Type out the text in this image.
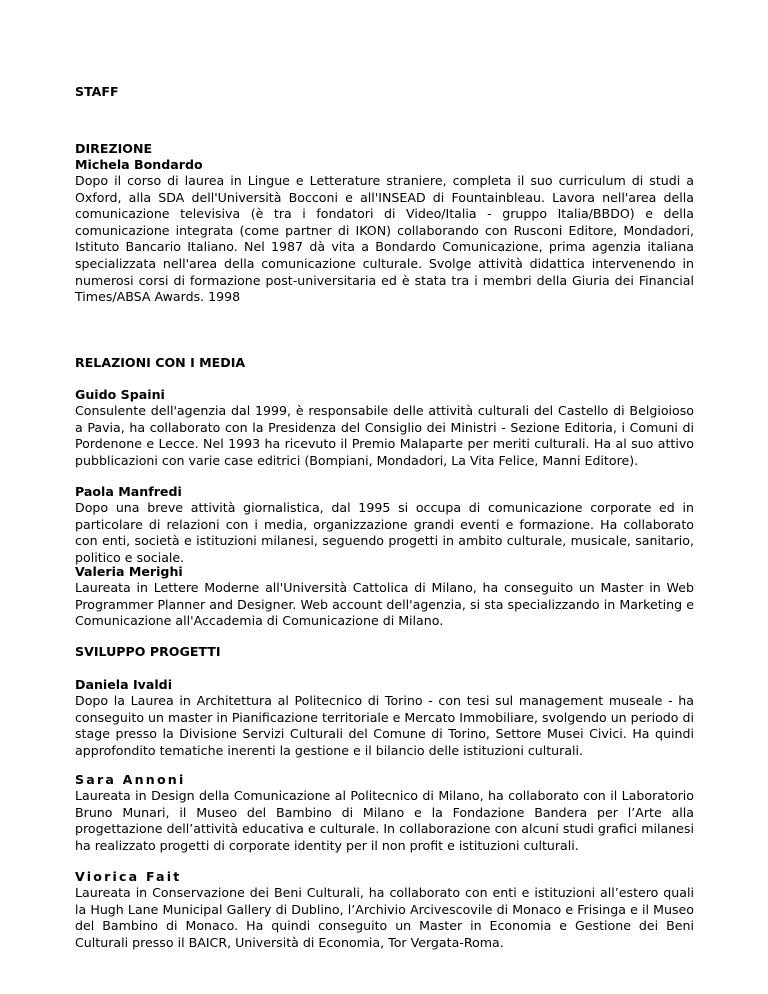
STAFF

DIREZIONE

Michela Bondardo

Dopo il corso di laurea in Lingue e Letterature straniere, completa il suo curriculum di studi a Oxford, alla SDA dell'Università Bocconi e all'INSEAD di Fountainbleau. Lavora nell'area della comunicazione televisiva (è tra i fondatori di Video/Italia - gruppo Italia/BBDO) e della comunicazione integrata (come partner di IKON) collaborando con Rusconi Editore, Mondadori, Istituto Bancario Italiano. Nel 1987 dà vita a Bondardo Comunicazione, prima agenzia italiana specializzata nell'area della comunicazione culturale. Svolge attività didattica intervenendo in numerosi corsi di formazione post-universitaria ed è stata tra i membri della Giuria dei Financial Times/ABSA Awards. 1998

RELAZIONI CON I MEDIA

Guido Spaini

Consulente dell'agenzia dal 1999, è responsabile delle attività culturali del Castello di Belgioioso a Pavia, ha collaborato con la Presidenza del Consiglio dei Ministri - Sezione Editoria, i Comuni di Pordenone e Lecce. Nel 1993 ha ricevuto il Premio Malaparte per meriti culturali. Ha al suo attivo pubblicazioni con varie case editrici (Bompiani, Mondadori, La Vita Felice, Manni Editore).

Paola Manfredi

Dopo una breve attività giornalistica, dal 1995 si occupa di comunicazione corporate ed in particolare di relazioni con i media, organizzazione grandi eventi e formazione. Ha collaborato con enti, società e istituzioni milanesi, seguendo progetti in ambito culturale, musicale, sanitario, politico e sociale.

Valeria Merighi

Laureata in Lettere Moderne all'Università Cattolica di Milano, ha conseguito un Master in Web Programmer Planner and Designer. Web account dell'agenzia, si sta specializzando in Marketing e Comunicazione all'Accademia di Comunicazione di Milano.

SVILUPPO PROGETTI

Daniela Ivaldi

Dopo la Laurea in Architettura al Politecnico di Torino - con tesi sul management museale - ha conseguito un master in Pianificazione territoriale e Mercato Immobiliare, svolgendo un periodo di stage presso la Divisione Servizi Culturali del Comune di Torino, Settore Musei Civici. Ha quindi approfondito tematiche inerenti la gestione e il bilancio delle istituzioni culturali.

Sara Annoni

Laureata in Design della Comunicazione al Politecnico di Milano, ha collaborato con il Laboratorio Bruno Munari, il Museo del Bambino di Milano e la Fondazione Bandera per l’Arte alla progettazione dell’attività educativa e culturale. In collaborazione con alcuni studi grafici milanesi ha realizzato progetti di corporate identity per il non profit e istituzioni culturali.

Viorica Fait

Laureata in Conservazione dei Beni Culturali, ha collaborato con enti e istituzioni all’estero quali la Hugh Lane Municipal Gallery di Dublino, l’Archivio Arcivescovile di Monaco e Frisinga e il Museo del Bambino di Monaco. Ha quindi conseguito un Master in Economia e Gestione dei Beni Culturali presso il BAICR, Università di Economia, Tor Vergata-Roma.
